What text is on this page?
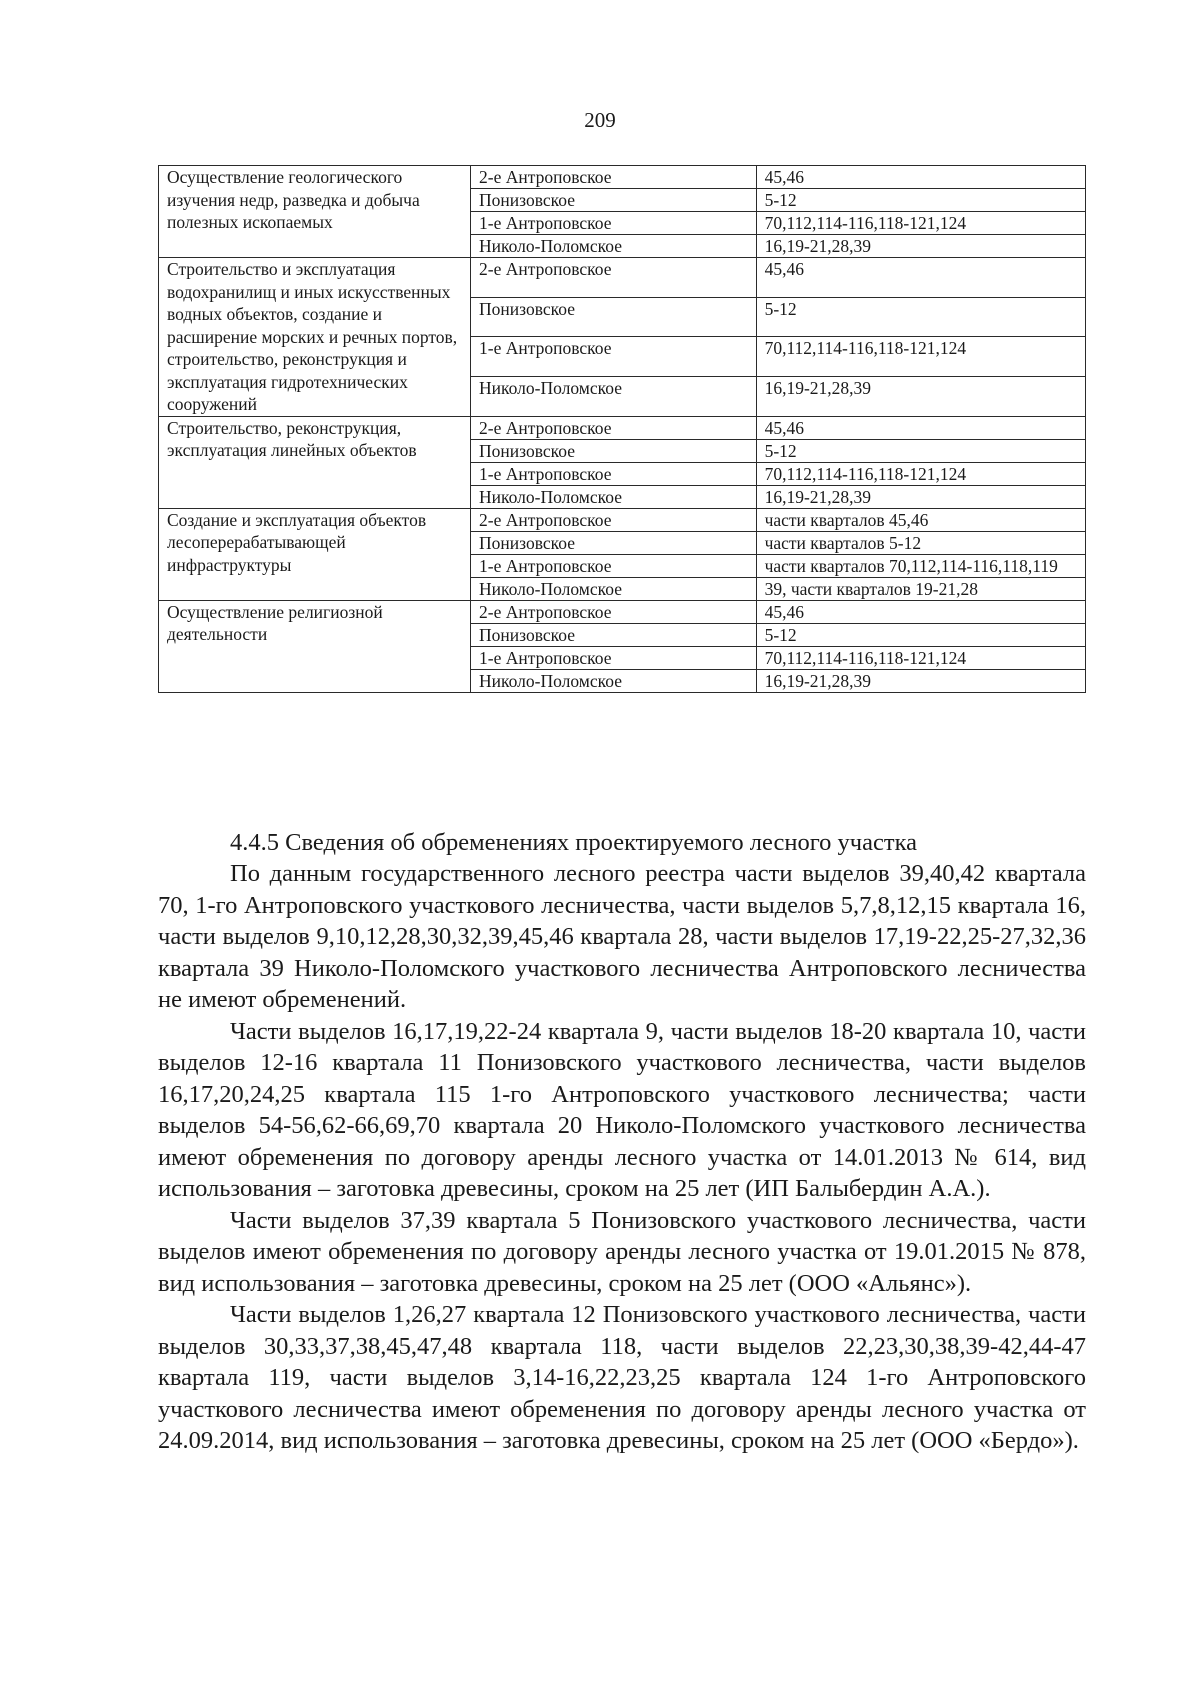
209
Осуществление геологического изучения недр, разведка и добыча полезных ископаемых	2-е Антроповское	45,46
	Понизовское	5-12
	1-е Антроповское	70,112,114-116,118-121,124
	Николо-Поломское	16,19-21,28,39
Строительство и эксплуатация водохранилищ и иных искусственных водных объектов, создание и расширение морских и речных портов, строительство, реконструкция и эксплуатация гидротехнических сооружений	2-е Антроповское	45,46
	Понизовское	5-12
	1-е Антроповское	70,112,114-116,118-121,124
	Николо-Поломское	16,19-21,28,39
Строительство, реконструкция, эксплуатация линейных объектов	2-е Антроповское	45,46
	Понизовское	5-12
	1-е Антроповское	70,112,114-116,118-121,124
	Николо-Поломское	16,19-21,28,39
Создание и эксплуатация объектов лесоперерабатывающей инфраструктуры	2-е Антроповское	части кварталов 45,46
	Понизовское	части кварталов 5-12
	1-е Антроповское	части кварталов 70,112,114-116,118,119
	Николо-Поломское	39, части кварталов 19-21,28
Осуществление религиозной деятельности	2-е Антроповское	45,46
	Понизовское	5-12
	1-е Антроповское	70,112,114-116,118-121,124
	Николо-Поломское	16,19-21,28,39

4.4.5 Сведения об обременениях проектируемого лесного участка

По данным государственного лесного реестра части выделов 39,40,42 квартала 70, 1-го Антроповского участкового лесничества, части выделов 5,7,8,12,15 квартала 16, части выделов 9,10,12,28,30,32,39,45,46 квартала 28, части выделов 17,19-22,25-27,32,36 квартала 39 Николо-Поломского участкового лесничества Антроповского лесничества не имеют обременений.

Части выделов 16,17,19,22-24 квартала 9, части выделов 18-20 квартала 10, части выделов 12-16 квартала 11 Понизовского участкового лесничества, части выделов 16,17,20,24,25 квартала 115 1-го Антроповского участкового лесничества; части выделов 54-56,62-66,69,70 квартала 20 Николо-Поломского участкового лесничества имеют обременения по договору аренды лесного участка от 14.01.2013 № 614, вид использования – заготовка древесины, сроком на 25 лет (ИП Балыбердин А.А.).

Части выделов 37,39 квартала 5 Понизовского участкового лесничества, части выделов имеют обременения по договору аренды лесного участка от 19.01.2015 № 878, вид использования – заготовка древесины, сроком на 25 лет (ООО «Альянс»).

Части выделов 1,26,27 квартала 12 Понизовского участкового лесничества, части выделов 30,33,37,38,45,47,48 квартала 118, части выделов 22,23,30,38,39-42,44-47 квартала 119, части выделов 3,14-16,22,23,25 квартала 124 1-го Антроповского участкового лесничества имеют обременения по договору аренды лесного участка от 24.09.2014, вид использования – заготовка древесины, сроком на 25 лет (ООО «Бердо»).
